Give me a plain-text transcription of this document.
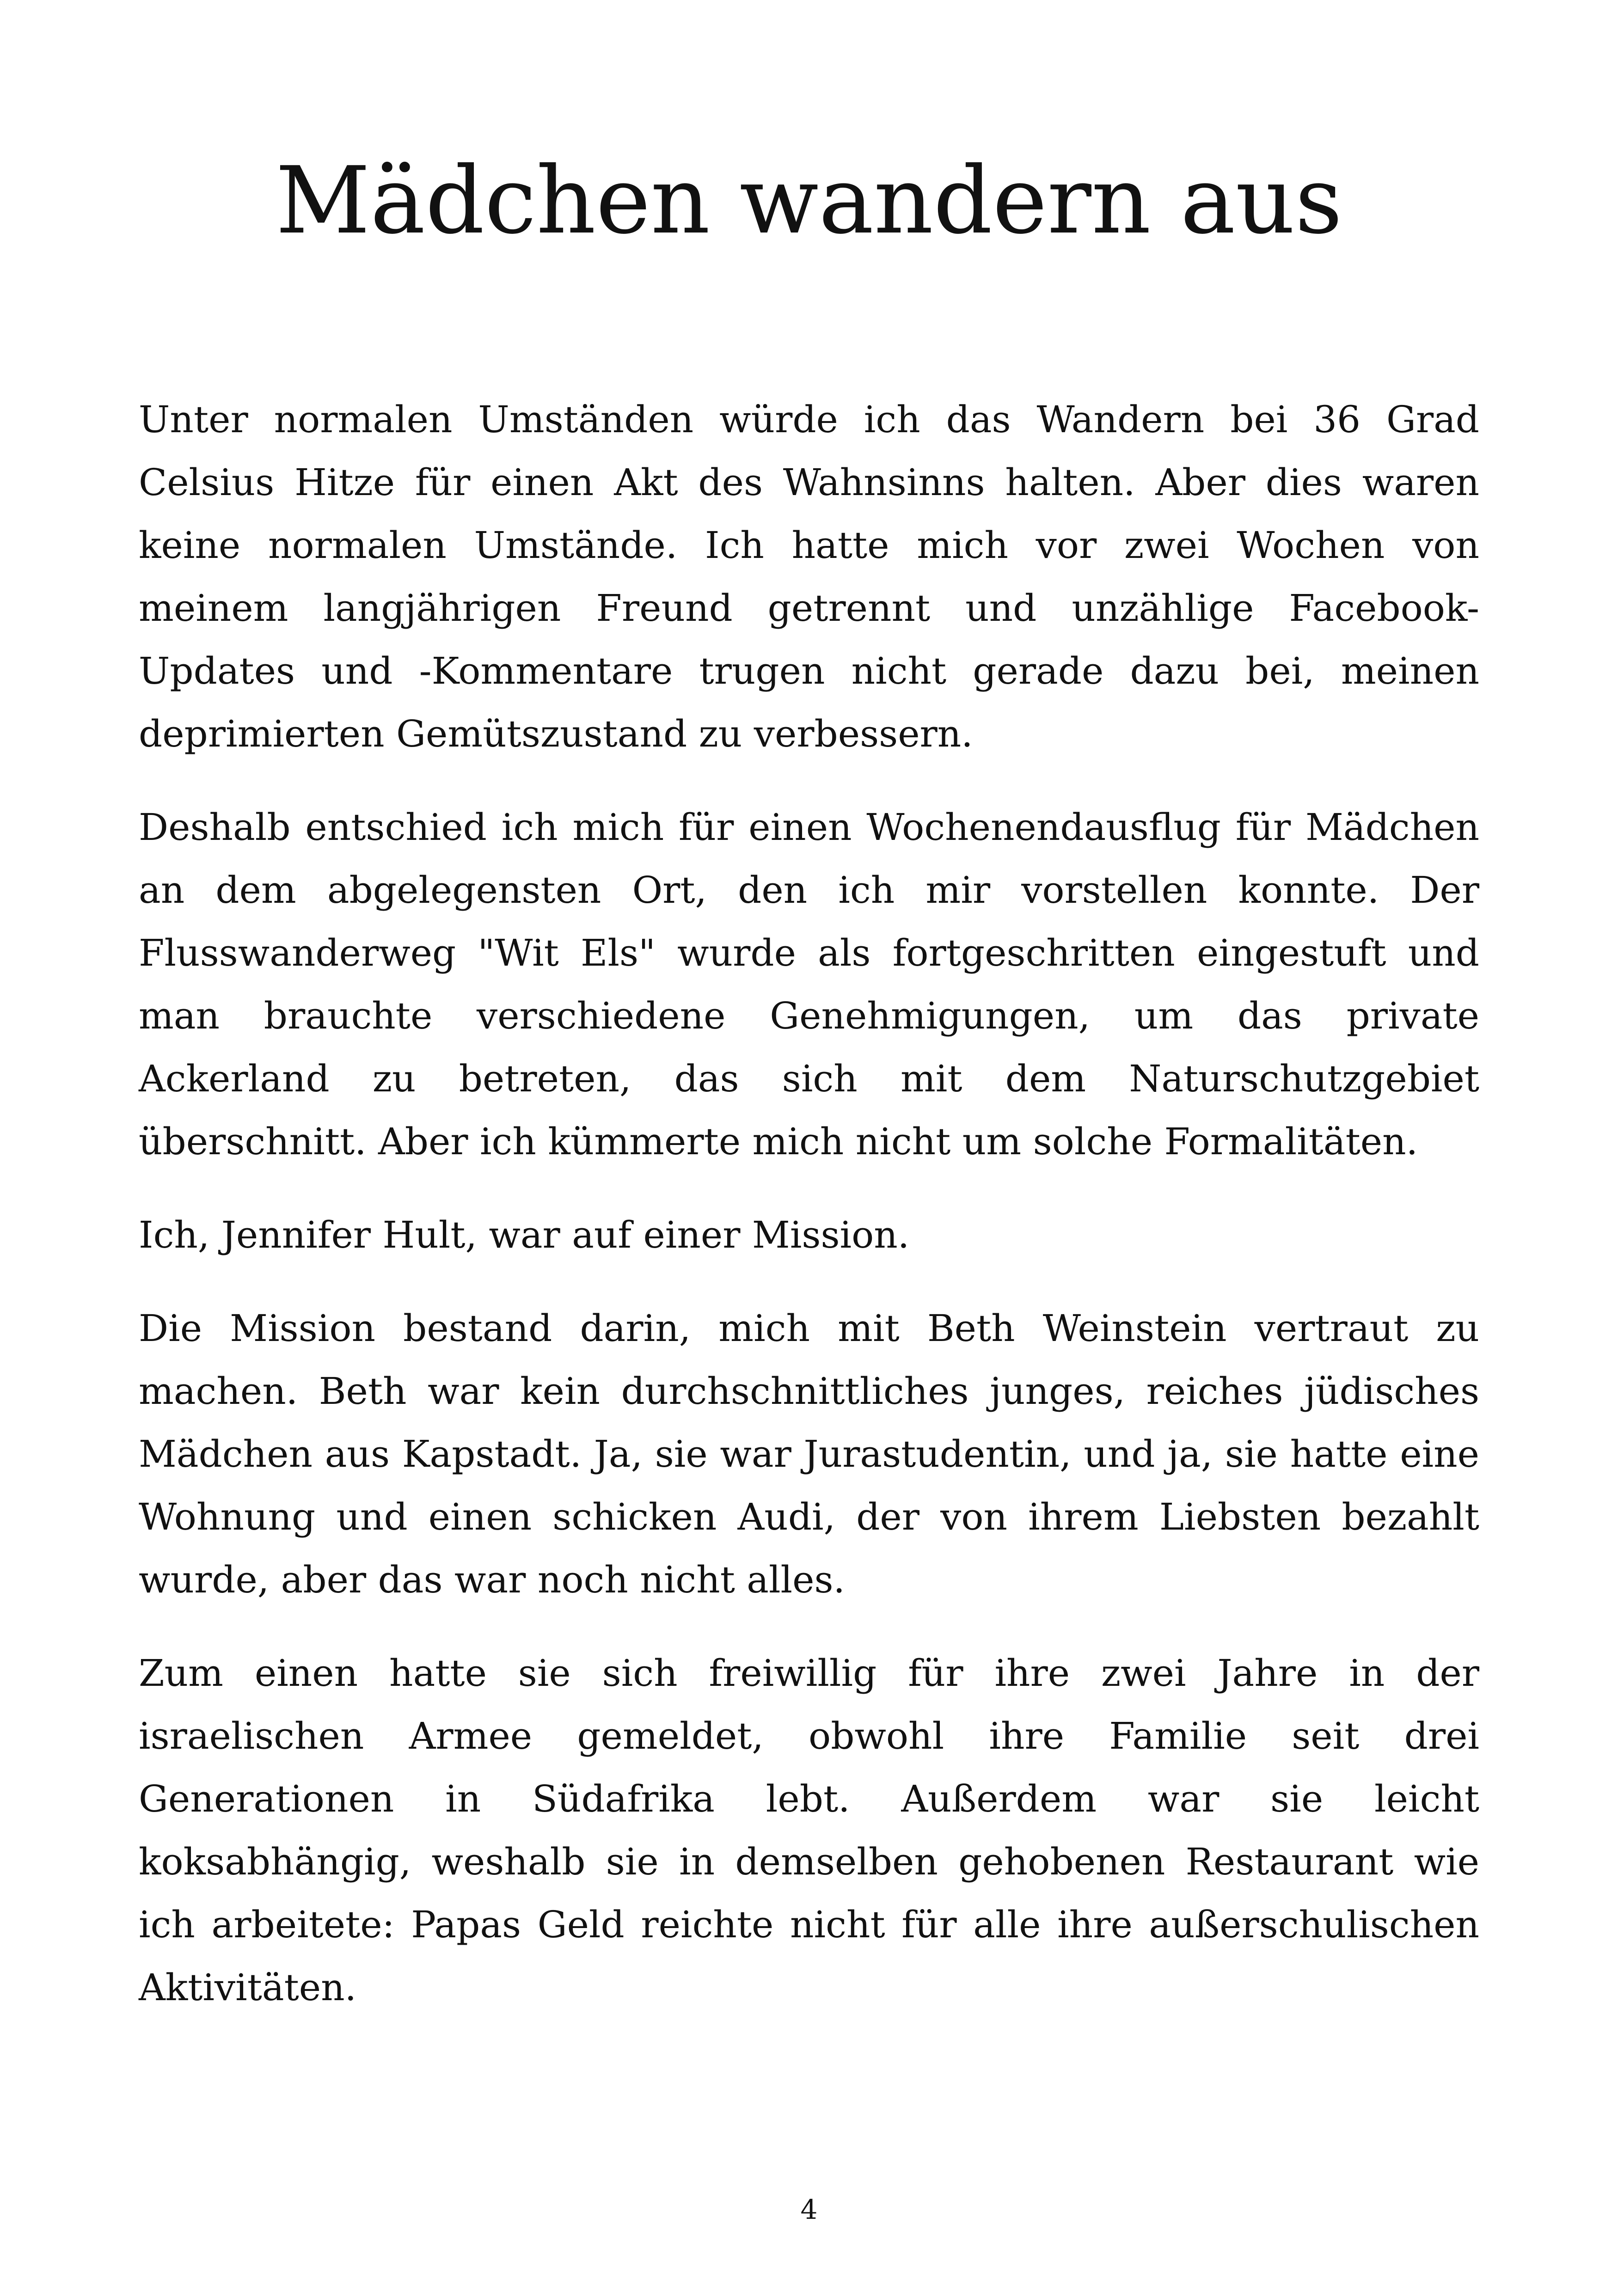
Mädchen wandern aus

Unter normalen Umständen würde ich das Wandern bei 36 Grad Celsius Hitze für einen Akt des Wahnsinns halten. Aber dies waren keine normalen Umstände. Ich hatte mich vor zwei Wochen von meinem langjährigen Freund getrennt und unzählige Facebook-Updates und -Kommentare trugen nicht gerade dazu bei, meinen deprimierten Gemütszustand zu verbessern.

Deshalb entschied ich mich für einen Wochenendausflug für Mädchen an dem abgelegensten Ort, den ich mir vorstellen konnte. Der Flusswanderweg "Wit Els" wurde als fortgeschritten eingestuft und man brauchte verschiedene Genehmigungen, um das private Ackerland zu betreten, das sich mit dem Naturschutzgebiet überschnitt. Aber ich kümmerte mich nicht um solche Formalitäten.

Ich, Jennifer Hult, war auf einer Mission.

Die Mission bestand darin, mich mit Beth Weinstein vertraut zu machen. Beth war kein durchschnittliches junges, reiches jüdisches Mädchen aus Kapstadt. Ja, sie war Jurastudentin, und ja, sie hatte eine Wohnung und einen schicken Audi, der von ihrem Liebsten bezahlt wurde, aber das war noch nicht alles.

Zum einen hatte sie sich freiwillig für ihre zwei Jahre in der israelischen Armee gemeldet, obwohl ihre Familie seit drei Generationen in Südafrika lebt. Außerdem war sie leicht koksabhängig, weshalb sie in demselben gehobenen Restaurant wie ich arbeitete: Papas Geld reichte nicht für alle ihre außerschulischen Aktivitäten.

4
